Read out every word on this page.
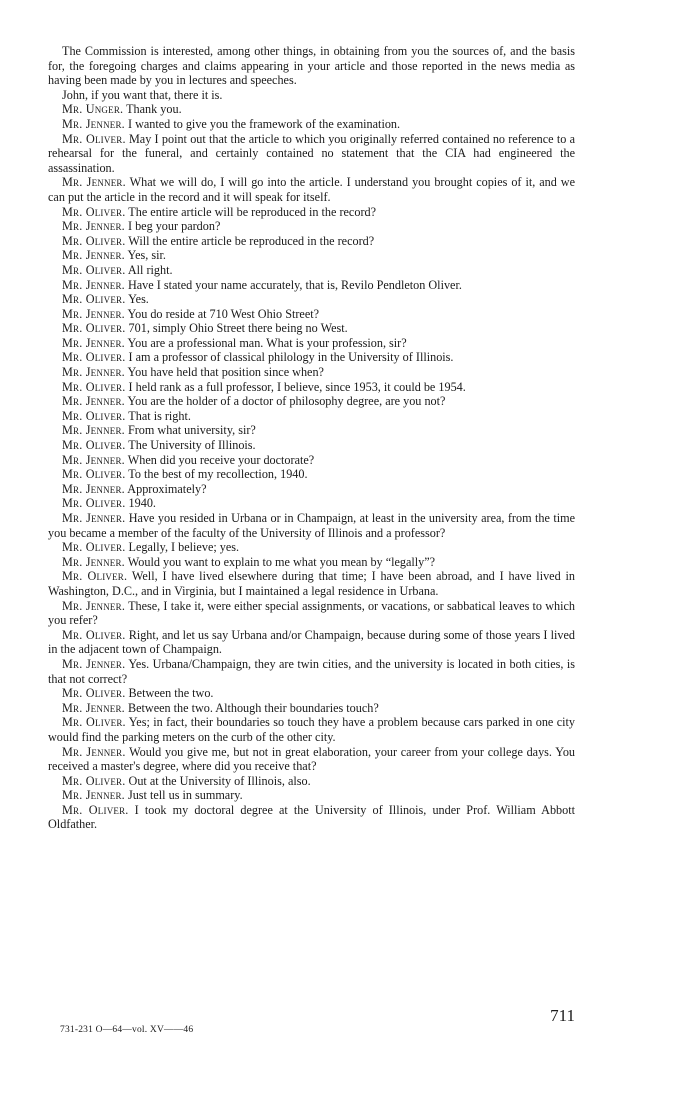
The Commission is interested, among other things, in obtaining from you the sources of, and the basis for, the foregoing charges and claims appearing in your article and those reported in the news media as having been made by you in lectures and speeches.

John, if you want that, there it is.

Mr. Unger. Thank you.

Mr. Jenner. I wanted to give you the framework of the examination.

Mr. Oliver. May I point out that the article to which you originally referred contained no reference to a rehearsal for the funeral, and certainly contained no statement that the CIA had engineered the assassination.

Mr. Jenner. What we will do, I will go into the article. I understand you brought copies of it, and we can put the article in the record and it will speak for itself.

Mr. Oliver. The entire article will be reproduced in the record?

Mr. Jenner. I beg your pardon?

Mr. Oliver. Will the entire article be reproduced in the record?

Mr. Jenner. Yes, sir.

Mr. Oliver. All right.

Mr. Jenner. Have I stated your name accurately, that is, Revilo Pendleton Oliver.

Mr. Oliver. Yes.

Mr. Jenner. You do reside at 710 West Ohio Street?

Mr. Oliver. 701, simply Ohio Street there being no West.

Mr. Jenner. You are a professional man. What is your profession, sir?

Mr. Oliver. I am a professor of classical philology in the University of Illinois.

Mr. Jenner. You have held that position since when?

Mr. Oliver. I held rank as a full professor, I believe, since 1953, it could be 1954.

Mr. Jenner. You are the holder of a doctor of philosophy degree, are you not?

Mr. Oliver. That is right.

Mr. Jenner. From what university, sir?

Mr. Oliver. The University of Illinois.

Mr. Jenner. When did you receive your doctorate?

Mr. Oliver. To the best of my recollection, 1940.

Mr. Jenner. Approximately?

Mr. Oliver. 1940.

Mr. Jenner. Have you resided in Urbana or in Champaign, at least in the university area, from the time you became a member of the faculty of the University of Illinois and a professor?

Mr. Oliver. Legally, I believe; yes.

Mr. Jenner. Would you want to explain to me what you mean by “legally”?

Mr. Oliver. Well, I have lived elsewhere during that time; I have been abroad, and I have lived in Washington, D.C., and in Virginia, but I maintained a legal residence in Urbana.

Mr. Jenner. These, I take it, were either special assignments, or vacations, or sabbatical leaves to which you refer?

Mr. Oliver. Right, and let us say Urbana and/or Champaign, because during some of those years I lived in the adjacent town of Champaign.

Mr. Jenner. Yes. Urbana/Champaign, they are twin cities, and the university is located in both cities, is that not correct?

Mr. Oliver. Between the two.

Mr. Jenner. Between the two. Although their boundaries touch?

Mr. Oliver. Yes; in fact, their boundaries so touch they have a problem because cars parked in one city would find the parking meters on the curb of the other city.

Mr. Jenner. Would you give me, but not in great elaboration, your career from your college days. You received a master's degree, where did you receive that?

Mr. Oliver. Out at the University of Illinois, also.

Mr. Jenner. Just tell us in summary.

Mr. Oliver. I took my doctoral degree at the University of Illinois, under Prof. William Abbott Oldfather.

731-231 O—64—vol. XV——46
711
